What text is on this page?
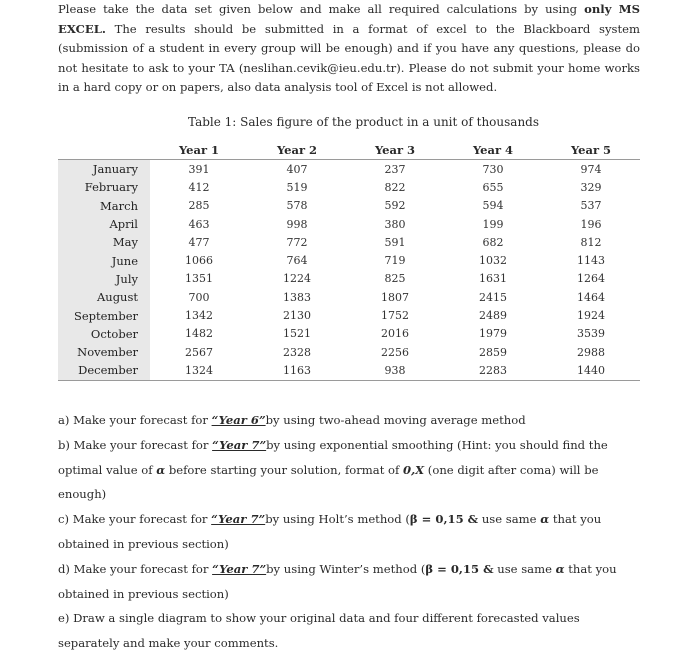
Please take the data set given below and make all required calculations by using only MS EXCEL. The results should be submitted in a format of excel to the Blackboard system (submission of a student in every group will be enough) and if you have any questions, please do not hesitate to ask to your TA (neslihan.cevik@ieu.edu.tr). Please do not submit your home works in a hard copy or on papers, also data analysis tool of Excel is not allowed.

Table 1: Sales figure of the product in a unit of thousands

	Year 1	Year 2	Year 3	Year 4	Year 5
January	391	407	237	730	974
February	412	519	822	655	329
March	285	578	592	594	537
April	463	998	380	199	196
May	477	772	591	682	812
June	1066	764	719	1032	1143
July	1351	1224	825	1631	1264
August	700	1383	1807	2415	1464
September	1342	2130	1752	2489	1924
October	1482	1521	2016	1979	3539
November	2567	2328	2256	2859	2988
December	1324	1163	938	2283	1440

a) Make your forecast for “Year 6”by using two-ahead moving average method

b) Make your forecast for “Year 7”by using exponential smoothing (Hint: you should find the optimal value of α before starting your solution, format of 0,X (one digit after coma) will be enough)

c) Make your forecast for “Year 7”by using Holt’s method (β = 0,15 & use same α that you obtained in previous section)

d) Make your forecast for “Year 7”by using Winter’s method (β = 0,15 & use same α that you obtained in previous section)

e) Draw a single diagram to show your original data and four different forecasted values separately and make your comments.
